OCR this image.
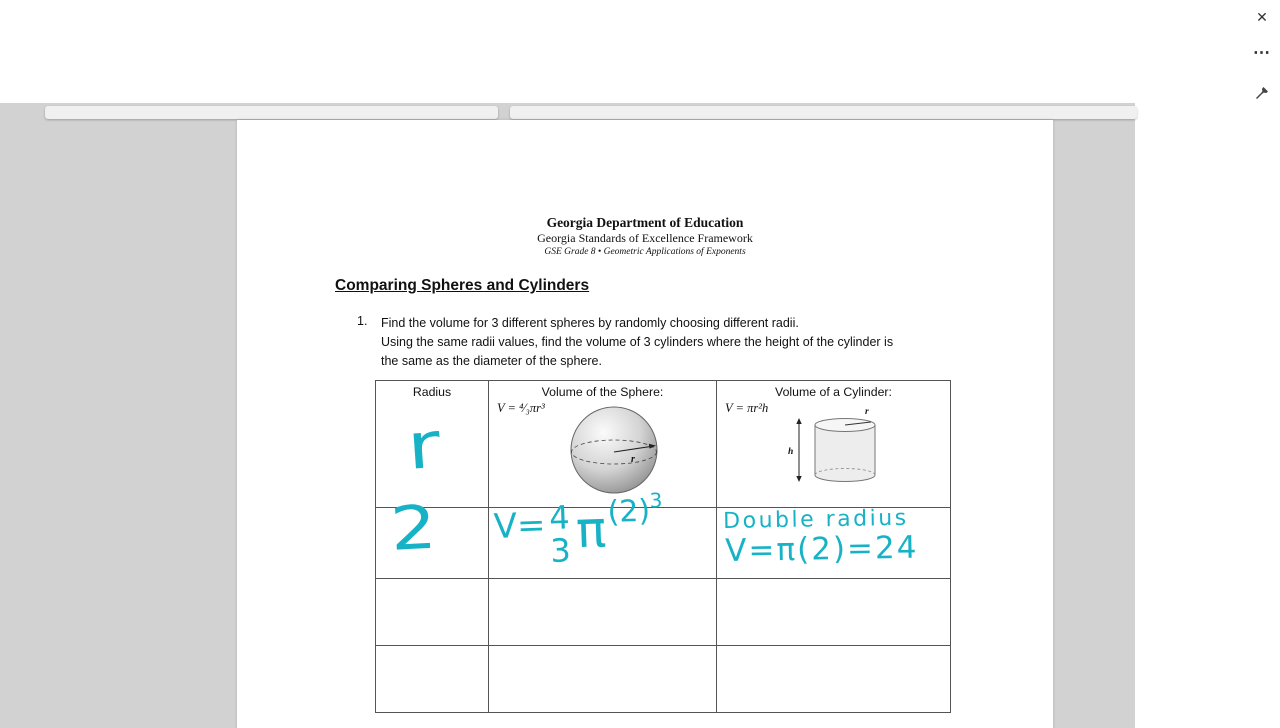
✕
⋯
Georgia Department of Education
Georgia Standards of Excellence Framework
GSE Grade 8 • Geometric Applications of Exponents
Comparing Spheres and Cylinders
1. Find the volume for 3 different spheres by randomly choosing different radii.
Using the same radii values, find the volume of 3 cylinders where the height of the cylinder is
the same as the diameter of the sphere.
Radius	Volume of the Sphere:
V = ⁴⁄₃πr³
r
Volume of a Cylinder:
V = πr²h
h
r
r
2 V= 4
3 π (2)
3
Double radius
V=π(2)=24
